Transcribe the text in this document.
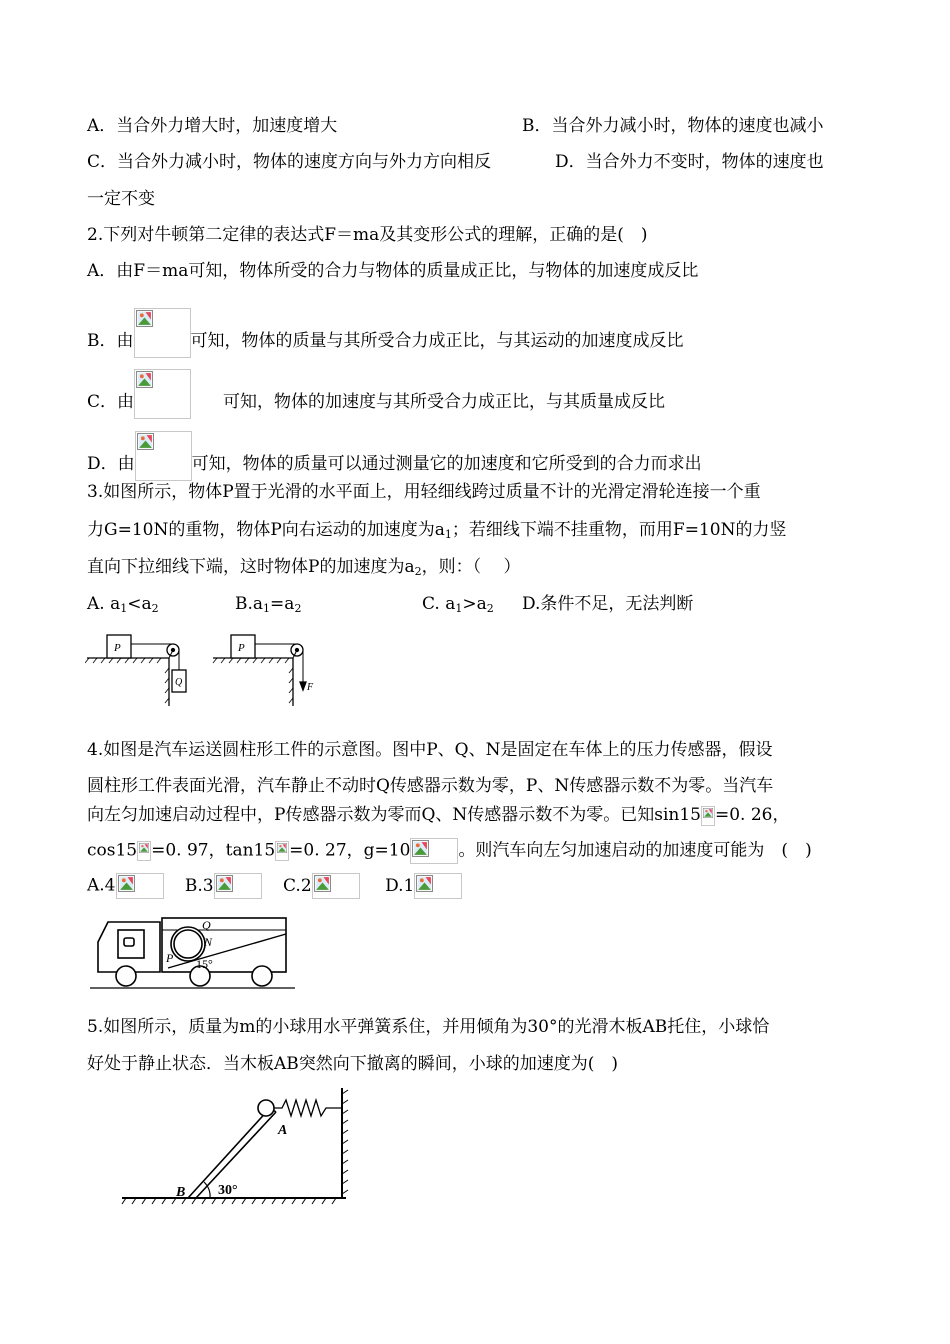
A．当合外力增大时，加速度增大	B．当合外力减小时，物体的速度也减小
C．当合外力减小时，物体的速度方向与外力方向相反	D．当合外力不变时，物体的速度也
一定不变
2.下列对牛顿第二定律的表达式F＝ma及其变形公式的理解，正确的是(　)
A．由F＝ma可知，物体所受的合力与物体的质量成正比，与物体的加速度成反比
B．由	可知，物体的质量与其所受合力成正比，与其运动的加速度成反比
C．由	可知，物体的加速度与其所受合力成正比，与其质量成反比
D．由	可知，物体的质量可以通过测量它的加速度和它所受到的合力而求出
3.如图所示，物体P置于光滑的水平面上，用轻细线跨过质量不计的光滑定滑轮连接一个重
力G=10N的重物，物体P向右运动的加速度为$a_1$；若细线下端不挂重物，而用F=10N的力竖
直向下拉细线下端，这时物体P的加速度为$a_2$，则：（　 ）
A. $a_1<a_2$	$B.a_1=a_2$	C. $a_1>a_2$ D.条件不足，无法判断
P
Q
P
F
4.如图是汽车运送圆柱形工件的示意图。图中P、Q、N是固定在车体上的压力传感器，假设
圆柱形工件表面光滑，汽车静止不动时Q传感器示数为零，P、N传感器示数不为零。当汽车
向左匀加速启动过程中，P传感器示数为零而Q、N传感器示数不为零。已知sin15 =0. 26，
cos15 =0. 97，tan15 =0. 27，g=10	。则汽车向左匀加速启动的加速度可能为　(　)
A.4	B.3	C.2	D.1
Q
N
P 15°
5.如图所示，质量为m的小球用水平弹簧系住，并用倾角为30°的光滑木板AB托住，小球恰
好处于静止状态．当木板AB突然向下撤离的瞬间，小球的加速度为(　)
A
B 30°
